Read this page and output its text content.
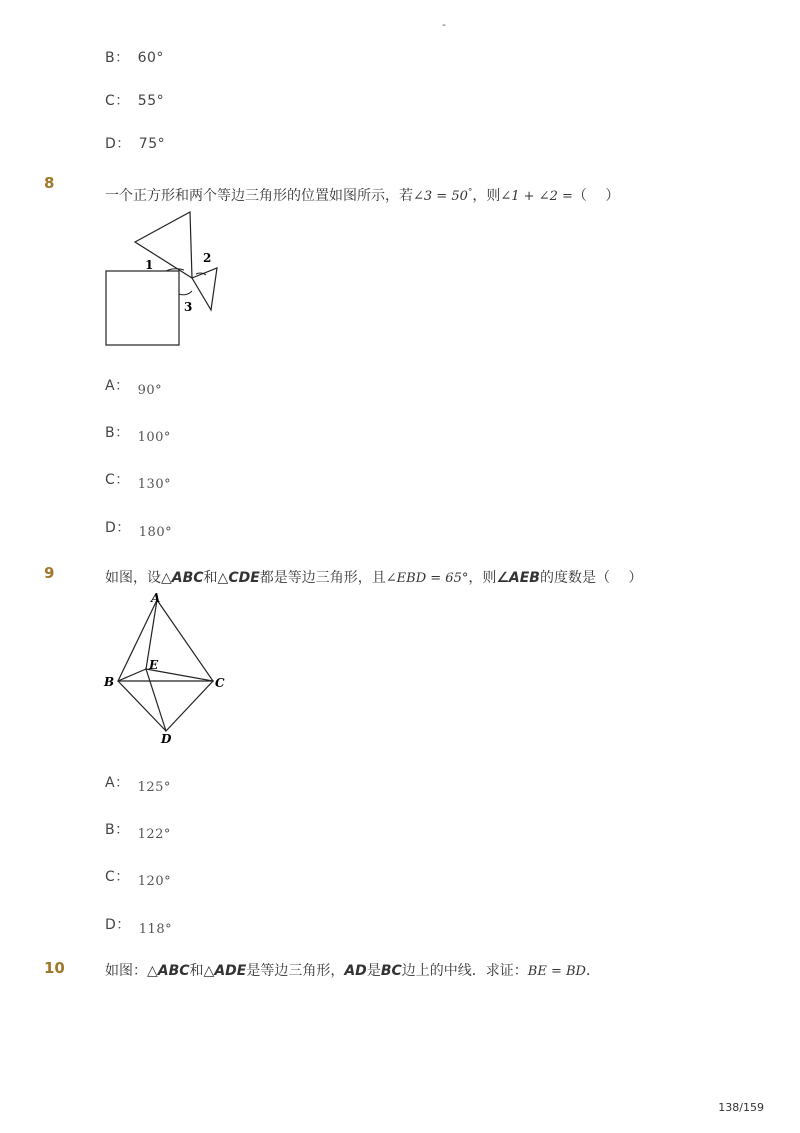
-
B： 60°
C： 55°
D： 75°
8
一个正方形和两个等边三角形的位置如图所示，若∠3 = 50°，则∠1 + ∠2 =（　 ）
1	2
3
A： 90°
B： 100°
C： 130°
D： 180°
9	如图，设△ABC和△CDE都是等边三角形，且∠EBD = 65°，则∠AEB的度数是（　 ）
A
B	C
D
E
A： 125°
B： 122°
C： 120°
D： 118°
10	如图：△ABC和△ADE是等边三角形，AD是BC边上的中线．求证：BE = BD．
138/159
